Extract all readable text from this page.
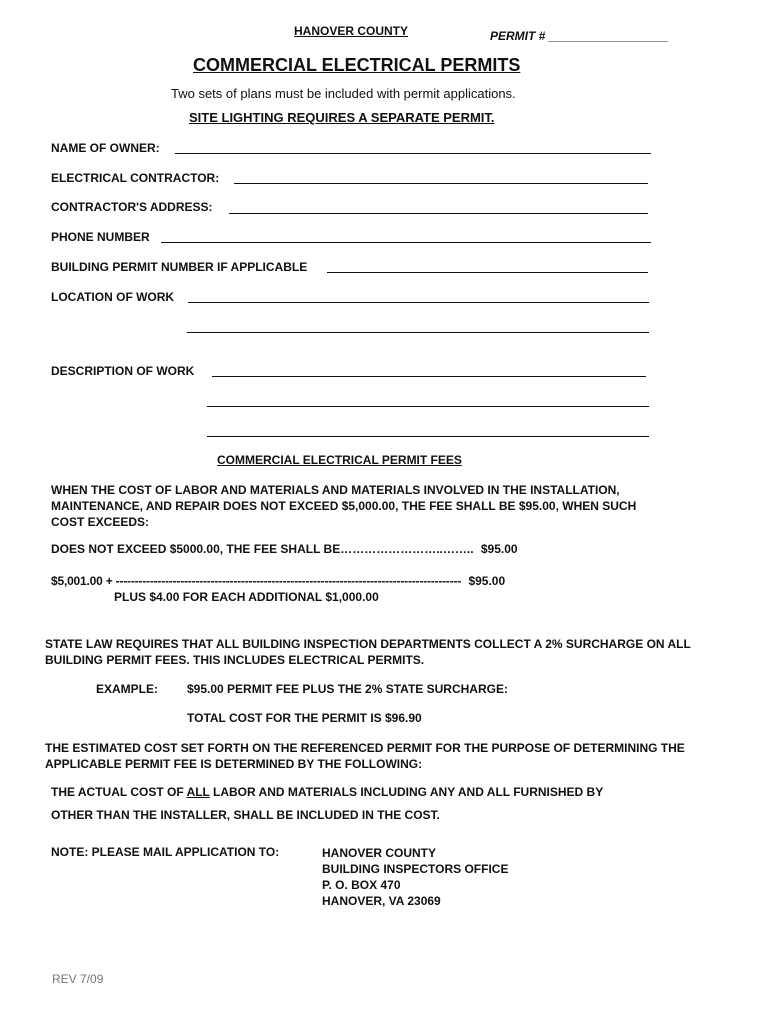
HANOVER COUNTY	PERMIT # __________________
COMMERCIAL ELECTRICAL PERMITS
Two sets of plans must be included with permit applications.
SITE LIGHTING REQUIRES A SEPARATE PERMIT.
NAME OF OWNER:
ELECTRICAL CONTRACTOR:
CONTRACTOR'S ADDRESS:
PHONE NUMBER
BUILDING PERMIT NUMBER IF APPLICABLE
LOCATION OF WORK
DESCRIPTION OF WORK
COMMERCIAL ELECTRICAL PERMIT FEES
WHEN THE COST OF LABOR AND MATERIALS AND MATERIALS INVOLVED IN THE INSTALLATION, MAINTENANCE, AND REPAIR DOES NOT EXCEED $5,000.00, THE FEE SHALL BE $95.00, WHEN SUCH COST EXCEEDS:
DOES NOT EXCEED $5000.00, THE FEE SHALL BE……………………..…….. $95.00
$5,001.00 + ------------------------------------------------------------------------------------------- $95.00
PLUS $4.00 FOR EACH ADDITIONAL $1,000.00
STATE LAW REQUIRES THAT ALL BUILDING INSPECTION DEPARTMENTS COLLECT A 2% SURCHARGE ON ALL BUILDING PERMIT FEES. THIS INCLUDES ELECTRICAL PERMITS.
EXAMPLE: $95.00 PERMIT FEE PLUS THE 2% STATE SURCHARGE:
TOTAL COST FOR THE PERMIT IS $96.90
THE ESTIMATED COST SET FORTH ON THE REFERENCED PERMIT FOR THE PURPOSE OF DETERMINING THE APPLICABLE PERMIT FEE IS DETERMINED BY THE FOLLOWING:
THE ACTUAL COST OF ALL LABOR AND MATERIALS INCLUDING ANY AND ALL FURNISHED BY
OTHER THAN THE INSTALLER, SHALL BE INCLUDED IN THE COST.
NOTE: PLEASE MAIL APPLICATION TO:	HANOVER COUNTY
BUILDING INSPECTORS OFFICE
P. O. BOX 470
HANOVER, VA 23069
REV 7/09
